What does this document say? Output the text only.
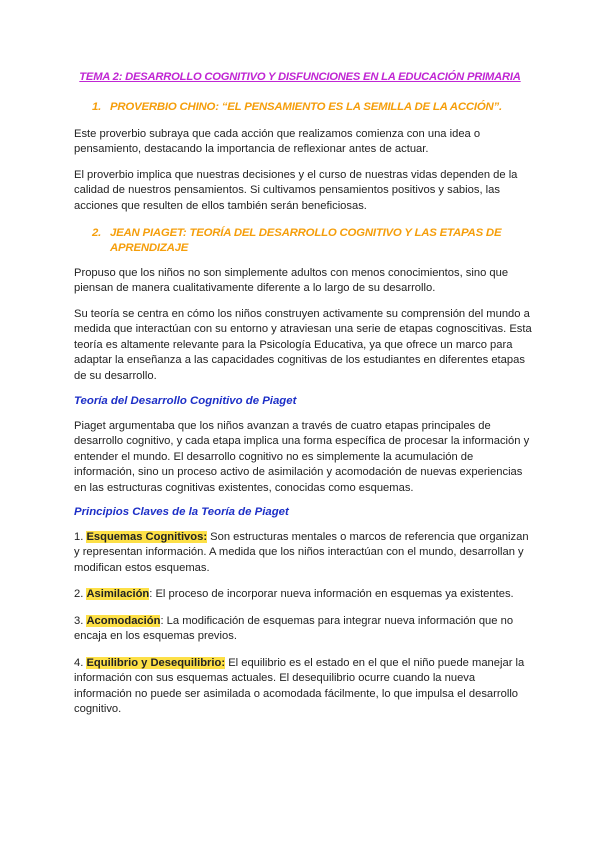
TEMA 2: DESARROLLO COGNITIVO Y DISFUNCIONES EN LA EDUCACIÓN PRIMARIA
1. PROVERBIO CHINO: “EL PENSAMIENTO ES LA SEMILLA DE LA ACCIÓN”.
Este proverbio subraya que cada acción que realizamos comienza con una idea o pensamiento, destacando la importancia de reflexionar antes de actuar.
El proverbio implica que nuestras decisiones y el curso de nuestras vidas dependen de la calidad de nuestros pensamientos. Si cultivamos pensamientos positivos y sabios, las acciones que resulten de ellos también serán beneficiosas.
2. JEAN PIAGET: TEORÍA DEL DESARROLLO COGNITIVO Y LAS ETAPAS DE APRENDIZAJE
Propuso que los niños no son simplemente adultos con menos conocimientos, sino que piensan de manera cualitativamente diferente a lo largo de su desarrollo.
Su teoría se centra en cómo los niños construyen activamente su comprensión del mundo a medida que interactúan con su entorno y atraviesan una serie de etapas cognoscitivas. Esta teoría es altamente relevante para la Psicología Educativa, ya que ofrece un marco para adaptar la enseñanza a las capacidades cognitivas de los estudiantes en diferentes etapas de su desarrollo.
Teoría del Desarrollo Cognitivo de Piaget
Piaget argumentaba que los niños avanzan a través de cuatro etapas principales de desarrollo cognitivo, y cada etapa implica una forma específica de procesar la información y entender el mundo. El desarrollo cognitivo no es simplemente la acumulación de información, sino un proceso activo de asimilación y acomodación de nuevas experiencias en las estructuras cognitivas existentes, conocidas como esquemas.
Principios Claves de la Teoría de Piaget
1. Esquemas Cognitivos: Son estructuras mentales o marcos de referencia que organizan y representan información. A medida que los niños interactúan con el mundo, desarrollan y modifican estos esquemas.
2. Asimilación: El proceso de incorporar nueva información en esquemas ya existentes.
3. Acomodación: La modificación de esquemas para integrar nueva información que no encaja en los esquemas previos.
4. Equilibrio y Desequilibrio: El equilibrio es el estado en el que el niño puede manejar la información con sus esquemas actuales. El desequilibrio ocurre cuando la nueva información no puede ser asimilada o acomodada fácilmente, lo que impulsa el desarrollo cognitivo.
